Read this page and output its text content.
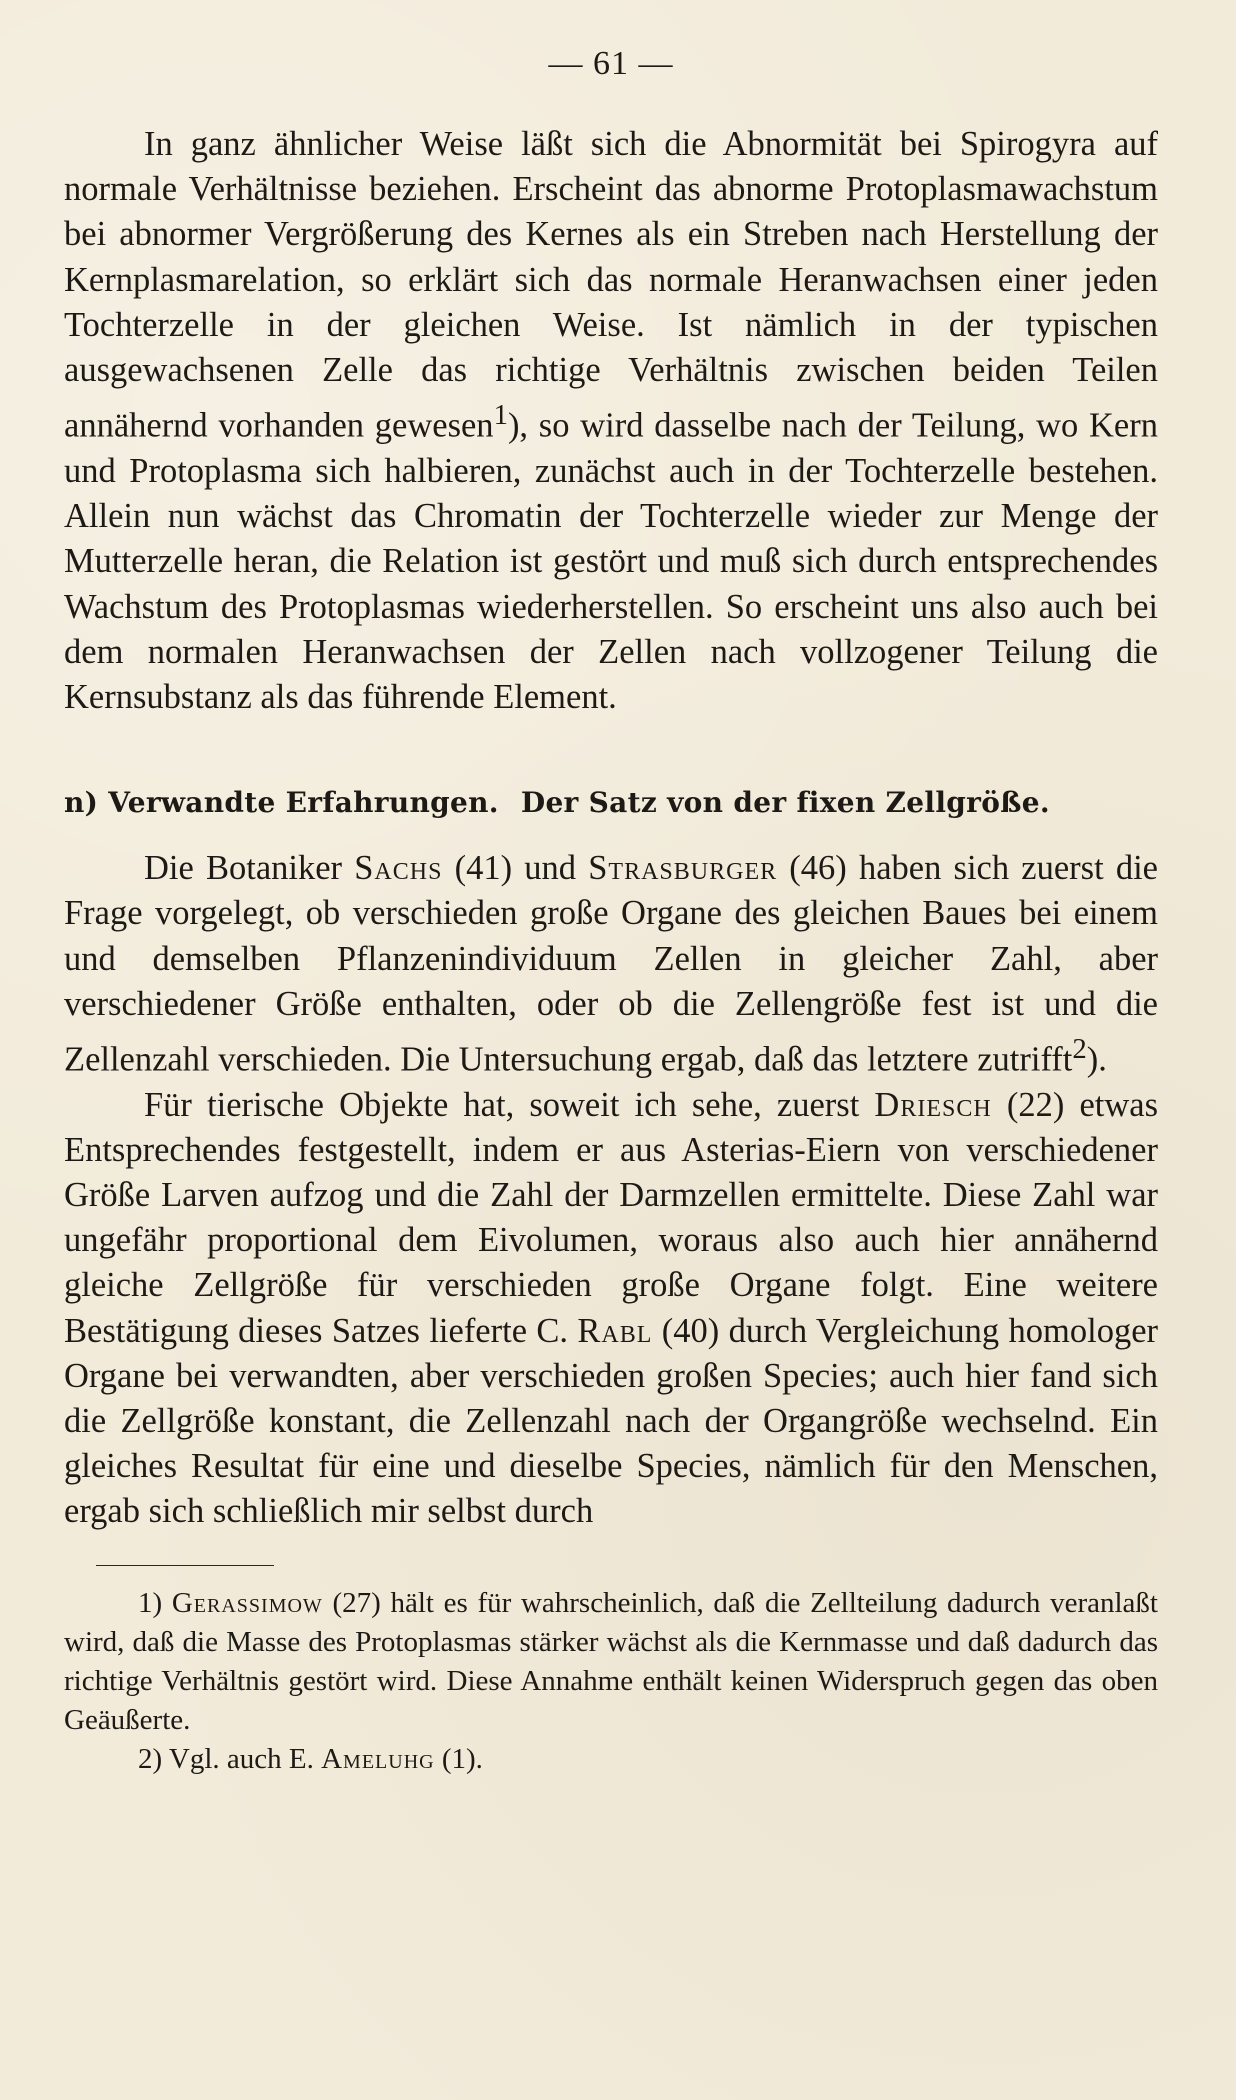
— 61 —

In ganz ähnlicher Weise läßt sich die Abnormität bei Spirogyra auf normale Verhältnisse beziehen. Erscheint das abnorme Protoplasmawachstum bei abnormer Vergrößerung des Kernes als ein Streben nach Herstellung der Kernplasmarelation, so erklärt sich das normale Heranwachsen einer jeden Tochterzelle in der gleichen Weise. Ist nämlich in der typischen ausgewachsenen Zelle das richtige Verhältnis zwischen beiden Teilen annähernd vorhanden gewesen$^1$), so wird dasselbe nach der Teilung, wo Kern und Protoplasma sich halbieren, zunächst auch in der Tochterzelle bestehen. Allein nun wächst das Chromatin der Tochterzelle wieder zur Menge der Mutterzelle heran, die Relation ist gestört und muß sich durch entsprechendes Wachstum des Protoplasmas wiederherstellen. So erscheint uns also auch bei dem normalen Heranwachsen der Zellen nach vollzogener Teilung die Kernsubstanz als das führende Element.

n) Verwandte Erfahrungen. Der Satz von der fixen Zellgröße.

Die Botaniker Sachs (41) und Strasburger (46) haben sich zuerst die Frage vorgelegt, ob verschieden große Organe des gleichen Baues bei einem und demselben Pflanzenindividuum Zellen in gleicher Zahl, aber verschiedener Größe enthalten, oder ob die Zellengröße fest ist und die Zellenzahl verschieden. Die Untersuchung ergab, daß das letztere zutrifft$^2$).

Für tierische Objekte hat, soweit ich sehe, zuerst Driesch (22) etwas Entsprechendes festgestellt, indem er aus Asterias-Eiern von verschiedener Größe Larven aufzog und die Zahl der Darmzellen ermittelte. Diese Zahl war ungefähr proportional dem Eivolumen, woraus also auch hier annähernd gleiche Zellgröße für verschieden große Organe folgt. Eine weitere Bestätigung dieses Satzes lieferte C. Rabl (40) durch Vergleichung homologer Organe bei verwandten, aber verschieden großen Species; auch hier fand sich die Zellgröße konstant, die Zellenzahl nach der Organgröße wechselnd. Ein gleiches Resultat für eine und dieselbe Species, nämlich für den Menschen, ergab sich schließlich mir selbst durch

1) Gerassimow (27) hält es für wahrscheinlich, daß die Zellteilung dadurch veranlaßt wird, daß die Masse des Protoplasmas stärker wächst als die Kernmasse und daß dadurch das richtige Verhältnis gestört wird. Diese Annahme enthält keinen Widerspruch gegen das oben Geäußerte.

2) Vgl. auch E. Ameluhg (1).
